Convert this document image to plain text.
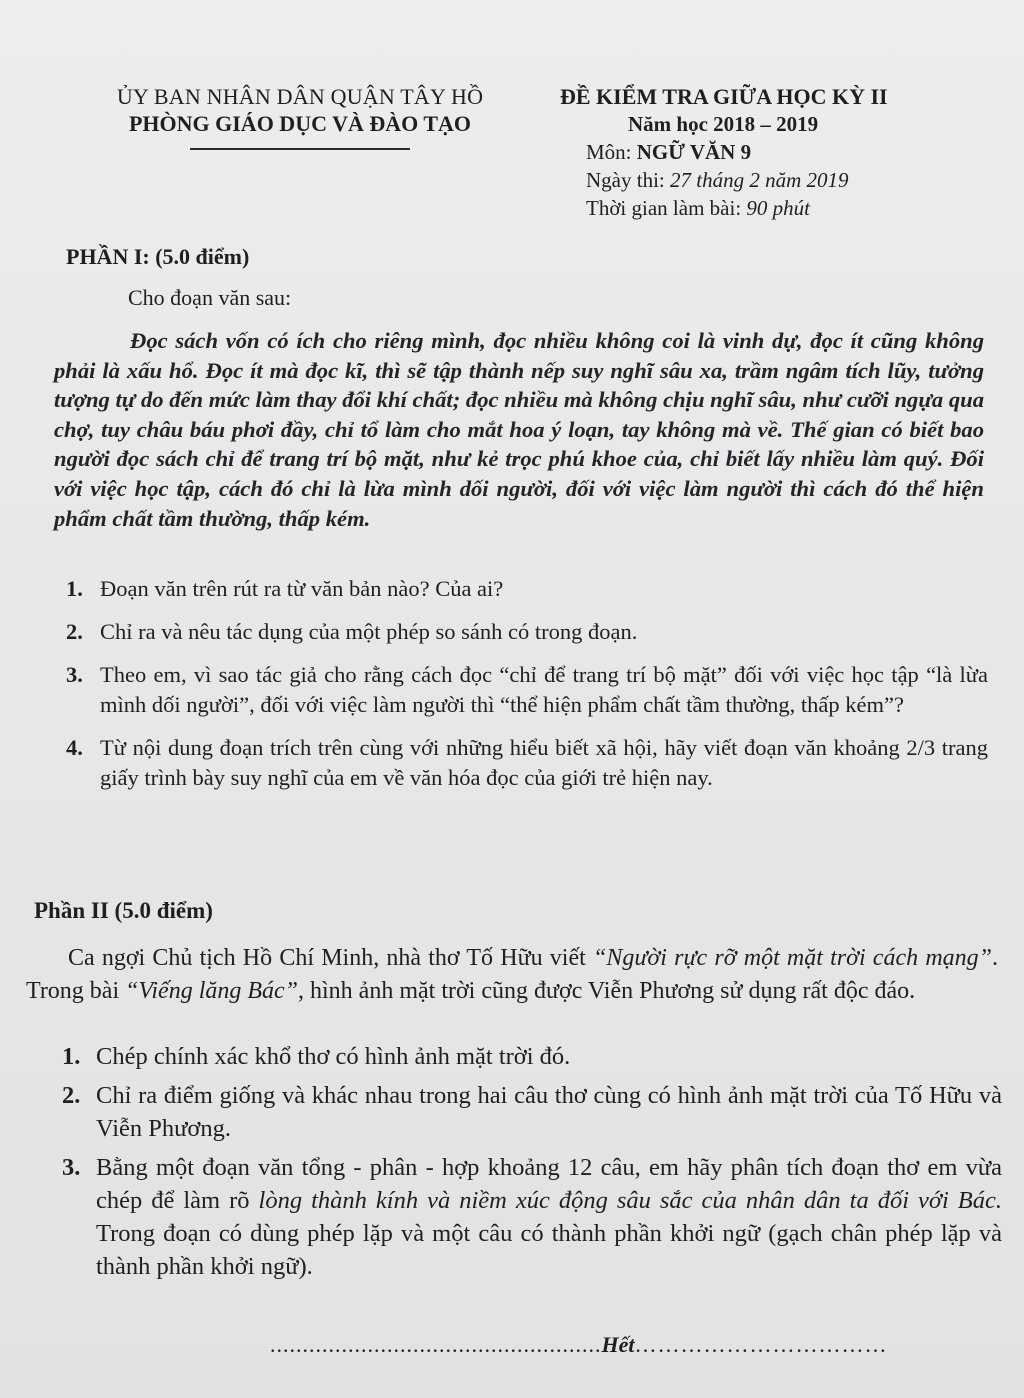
ỦY BAN NHÂN DÂN QUẬN TÂY HỒ
PHÒNG GIÁO DỤC VÀ ĐÀO TẠO
ĐỀ KIỂM TRA GIỮA HỌC KỲ II
Năm học 2018 – 2019
Môn: NGỮ VĂN 9
Ngày thi: 27 tháng 2 năm 2019
Thời gian làm bài: 90 phút
PHẦN I: (5.0 điểm)
Cho đoạn văn sau:
Đọc sách vốn có ích cho riêng mình, đọc nhiều không coi là vinh dự, đọc ít cũng không phải là xấu hổ. Đọc ít mà đọc kĩ, thì sẽ tập thành nếp suy nghĩ sâu xa, trầm ngâm tích lũy, tưởng tượng tự do đến mức làm thay đổi khí chất; đọc nhiều mà không chịu nghĩ sâu, như cưỡi ngựa qua chợ, tuy châu báu phơi đầy, chỉ tổ làm cho mắt hoa ý loạn, tay không mà về. Thế gian có biết bao người đọc sách chỉ để trang trí bộ mặt, như kẻ trọc phú khoe của, chỉ biết lấy nhiều làm quý. Đối với việc học tập, cách đó chỉ là lừa mình dối người, đối với việc làm người thì cách đó thể hiện phẩm chất tầm thường, thấp kém.
1. Đoạn văn trên rút ra từ văn bản nào? Của ai?
2. Chỉ ra và nêu tác dụng của một phép so sánh có trong đoạn.
3. Theo em, vì sao tác giả cho rằng cách đọc “chỉ để trang trí bộ mặt” đối với việc học tập “là lừa mình dối người”, đối với việc làm người thì “thể hiện phẩm chất tầm thường, thấp kém”?
4. Từ nội dung đoạn trích trên cùng với những hiểu biết xã hội, hãy viết đoạn văn khoảng 2/3 trang giấy trình bày suy nghĩ của em về văn hóa đọc của giới trẻ hiện nay.
Phần II (5.0 điểm)
Ca ngợi Chủ tịch Hồ Chí Minh, nhà thơ Tố Hữu viết “Người rực rỡ một mặt trời cách mạng”. Trong bài “Viếng lăng Bác”, hình ảnh mặt trời cũng được Viễn Phương sử dụng rất độc đáo.
1. Chép chính xác khổ thơ có hình ảnh mặt trời đó.
2. Chỉ ra điểm giống và khác nhau trong hai câu thơ cùng có hình ảnh mặt trời của Tố Hữu và Viễn Phương.
3. Bằng một đoạn văn tổng - phân - hợp khoảng 12 câu, em hãy phân tích đoạn thơ em vừa chép để làm rõ lòng thành kính và niềm xúc động sâu sắc của nhân dân ta đối với Bác. Trong đoạn có dùng phép lặp và một câu có thành phần khởi ngữ (gạch chân phép lặp và thành phần khởi ngữ).
...................................................Hết……………………………
